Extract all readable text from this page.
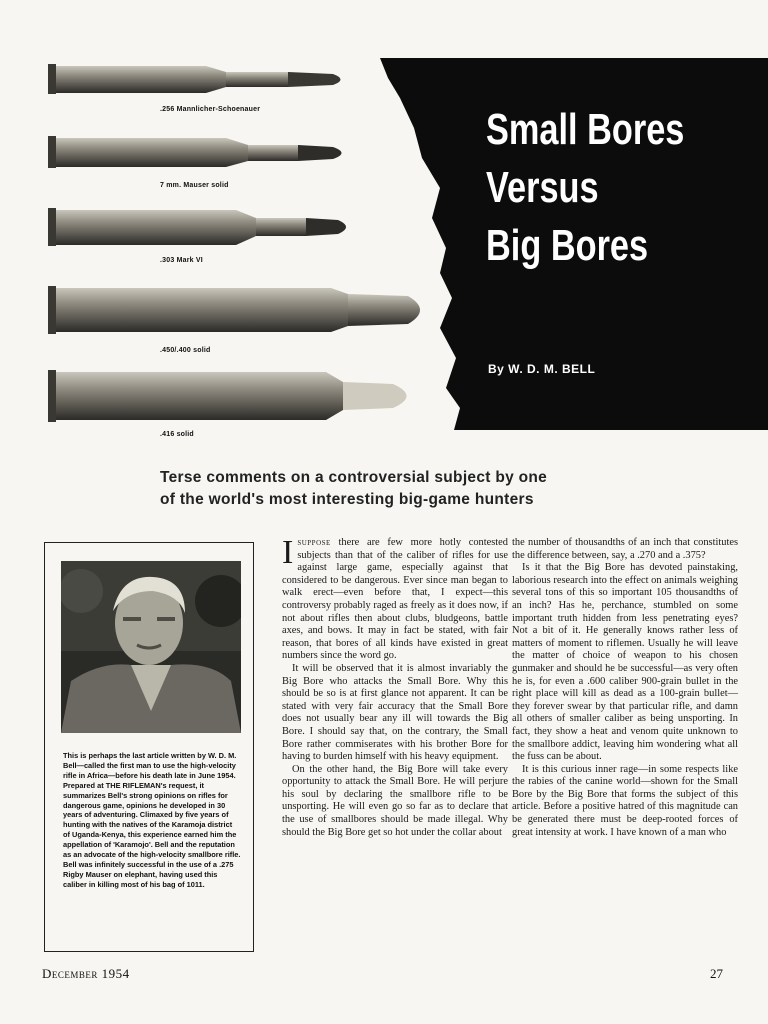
.256 Mannlicher-Schoenauer
7 mm. Mauser solid
.303 Mark VI
.450/.400 solid
.416 solid
Small Bores
Versus
Big Bores
By W. D. M. BELL
Terse comments on a controversial subject by one
of the world's most interesting big-game hunters
This is perhaps the last article written by W. D. M. Bell—called the first man to use the high-velocity rifle in Africa—before his death late in June 1954. Prepared at THE RIFLEMAN's request, it summarizes Bell's strong opinions on rifles for dangerous game, opinions he developed in 30 years of adventuring. Climaxed by five years of hunting with the natives of the Karamoja district of Uganda-Kenya, this experience earned him the appellation of 'Karamojo'. Bell and the reputation as an advocate of the high-velocity smallbore rifle. Bell was infinitely successful in the use of a .275 Rigby Mauser on elephant, having used this caliber in killing most of his bag of 1011.

Isuppose there are few more hotly contested subjects than that of the caliber of rifles for use against large game, especially against that considered to be dangerous. Ever since man began to walk erect—even before that, I expect—this controversy probably raged as freely as it does now, if not about rifles then about clubs, bludgeons, battle axes, and bows. It may in fact be stated, with fair reason, that bores of all kinds have existed in great numbers since the word go.

It will be observed that it is almost invariably the Big Bore who attacks the Small Bore. Why this should be so is at first glance not apparent. It can be stated with very fair accuracy that the Small Bore does not usually bear any ill will towards the Big Bore. I should say that, on the contrary, the Small Bore rather commiserates with his brother Bore for having to burden himself with his heavy equipment.

On the other hand, the Big Bore will take every opportunity to attack the Small Bore. He will perjure his soul by declaring the smallbore rifle to be unsporting. He will even go so far as to declare that the use of smallbores should be made illegal. Why should the Big Bore get so hot under the collar about

the number of thousandths of an inch that constitutes the difference between, say, a .270 and a .375?

Is it that the Big Bore has devoted painstaking, laborious research into the effect on animals weighing several tons of this so important 105 thousandths of an inch? Has he, perchance, stumbled on some important truth hidden from less penetrating eyes? Not a bit of it. He generally knows rather less of matters of moment to riflemen. Usually he will leave the matter of choice of weapon to his chosen gunmaker and should he be successful—as very often he is, for even a .600 caliber 900-grain bullet in the right place will kill as dead as a 100-grain bullet—they forever swear by that particular rifle, and damn all others of smaller caliber as being unsporting. In fact, they show a heat and venom quite unknown to the smallbore addict, leaving him wondering what all the fuss can be about.

It is this curious inner rage—in some respects like the rabies of the canine world—shown for the Small Bore by the Big Bore that forms the subject of this article. Before a positive hatred of this magnitude can be generated there must be deep-rooted forces of great intensity at work. I have known of a man who

December 1954	27
